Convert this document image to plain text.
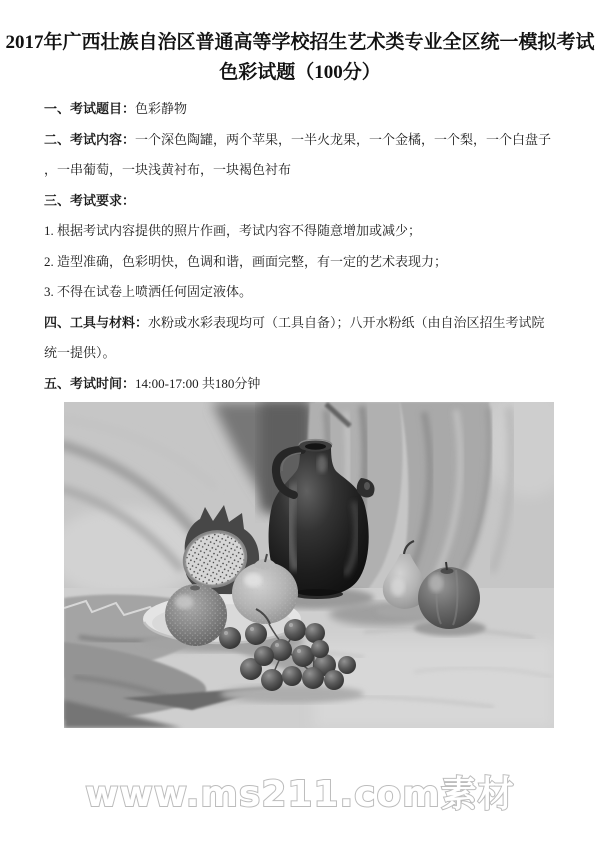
2017年广西壮族自治区普通高等学校招生艺术类专业全区统一模拟考试
色彩试题（100分）

一、考试题目：色彩静物

二、考试内容：一个深色陶罐，两个苹果，一半火龙果，一个金橘，一个梨，一个白盘子

，一串葡萄，一块浅黄衬布，一块褐色衬布

三、考试要求：

1. 根据考试内容提供的照片作画，考试内容不得随意增加或减少；

2. 造型准确，色彩明快，色调和谐，画面完整，有一定的艺术表现力；

3. 不得在试卷上喷洒任何固定液体。

四、工具与材料：水粉或水彩表现均可（工具自备）；八开水粉纸（由自治区招生考试院

统一提供）。

五、考试时间：14:00-17:00 共180分钟

www.ms211.com素材
